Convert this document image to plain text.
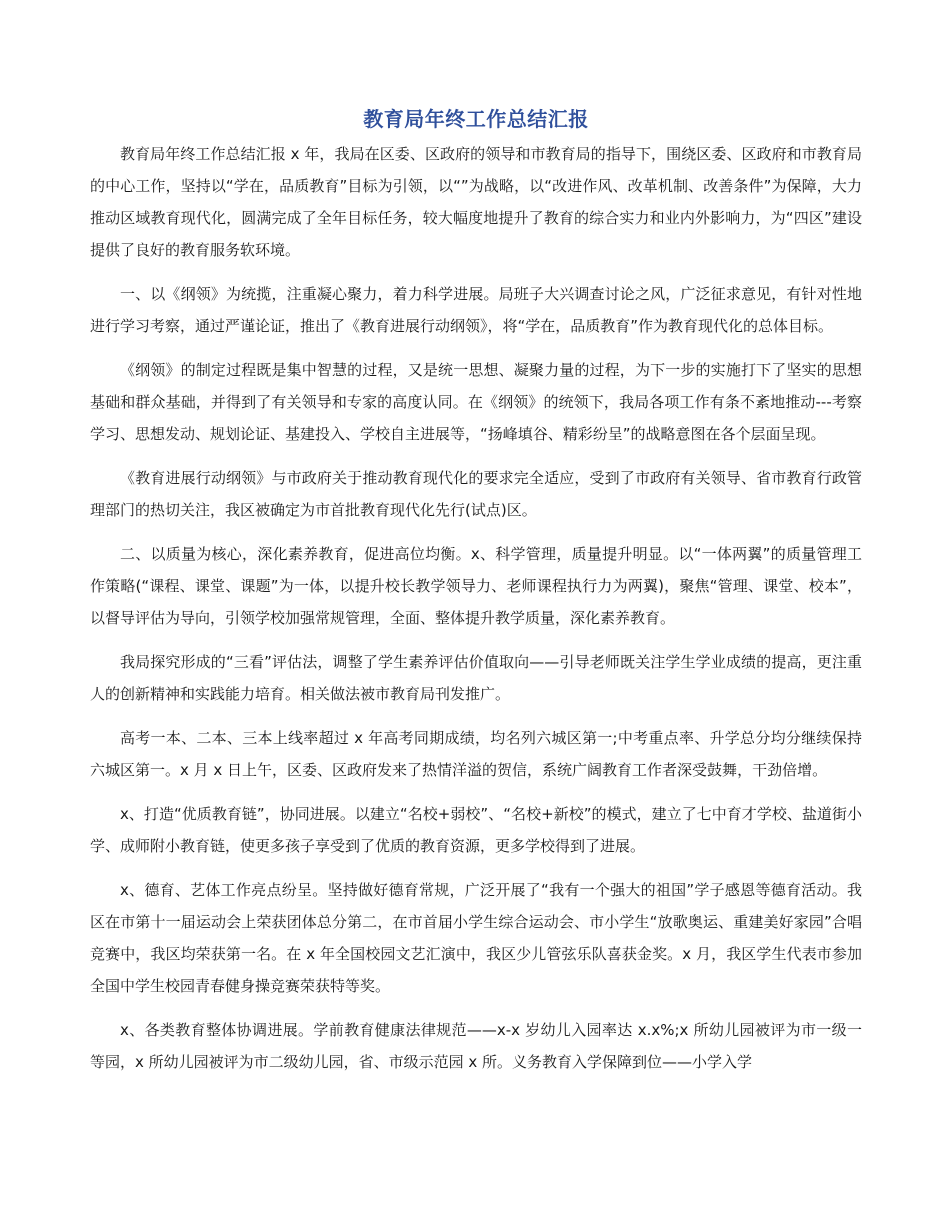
教育局年终工作总结汇报

教育局年终工作总结汇报 x 年，我局在区委、区政府的领导和市教育局的指导下，围绕区委、区政府和市教育局的中心工作，坚持以“学在，品质教育”目标为引领，以“”为战略，以“改进作风、改革机制、改善条件”为保障，大力推动区域教育现代化，圆满完成了全年目标任务，较大幅度地提升了教育的综合实力和业内外影响力，为“四区”建设提供了良好的教育服务软环境。

一、以《纲领》为统揽，注重凝心聚力，着力科学进展。局班子大兴调查讨论之风，广泛征求意见，有针对性地进行学习考察，通过严谨论证，推出了《教育进展行动纲领》，将“学在，品质教育”作为教育现代化的总体目标。

《纲领》的制定过程既是集中智慧的过程，又是统一思想、凝聚力量的过程，为下一步的实施打下了坚实的思想基础和群众基础，并得到了有关领导和专家的高度认同。在《纲领》的统领下，我局各项工作有条不紊地推动---考察学习、思想发动、规划论证、基建投入、学校自主进展等，“扬峰填谷、精彩纷呈”的战略意图在各个层面呈现。

《教育进展行动纲领》与市政府关于推动教育现代化的要求完全适应，受到了市政府有关领导、省市教育行政管理部门的热切关注，我区被确定为市首批教育现代化先行(试点)区。

二、以质量为核心，深化素养教育，促进高位均衡。x、科学管理，质量提升明显。以“一体两翼”的质量管理工作策略(“课程、课堂、课题”为一体，以提升校长教学领导力、老师课程执行力为两翼)，聚焦“管理、课堂、校本”，以督导评估为导向，引领学校加强常规管理，全面、整体提升教学质量，深化素养教育。

我局探究形成的“三看”评估法，调整了学生素养评估价值取向——引导老师既关注学生学业成绩的提高，更注重人的创新精神和实践能力培育。相关做法被市教育局刊发推广。

高考一本、二本、三本上线率超过 x 年高考同期成绩，均名列六城区第一;中考重点率、升学总分均分继续保持六城区第一。x 月 x 日上午，区委、区政府发来了热情洋溢的贺信，系统广阔教育工作者深受鼓舞，干劲倍增。

x、打造“优质教育链”，协同进展。以建立“名校+弱校”、“名校+新校”的模式，建立了七中育才学校、盐道街小学、成师附小教育链，使更多孩子享受到了优质的教育资源，更多学校得到了进展。

x、德育、艺体工作亮点纷呈。坚持做好德育常规，广泛开展了“我有一个强大的祖国”学子感恩等德育活动。我区在市第十一届运动会上荣获团体总分第二，在市首届小学生综合运动会、市小学生“放歌奥运、重建美好家园”合唱竞赛中，我区均荣获第一名。在 x 年全国校园文艺汇演中，我区少儿管弦乐队喜获金奖。x 月，我区学生代表市参加全国中学生校园青春健身操竞赛荣获特等奖。

x、各类教育整体协调进展。学前教育健康法律规范——x-x 岁幼儿入园率达 x.x%;x 所幼儿园被评为市一级一等园，x 所幼儿园被评为市二级幼儿园，省、市级示范园 x 所。义务教育入学保障到位——小学入学
